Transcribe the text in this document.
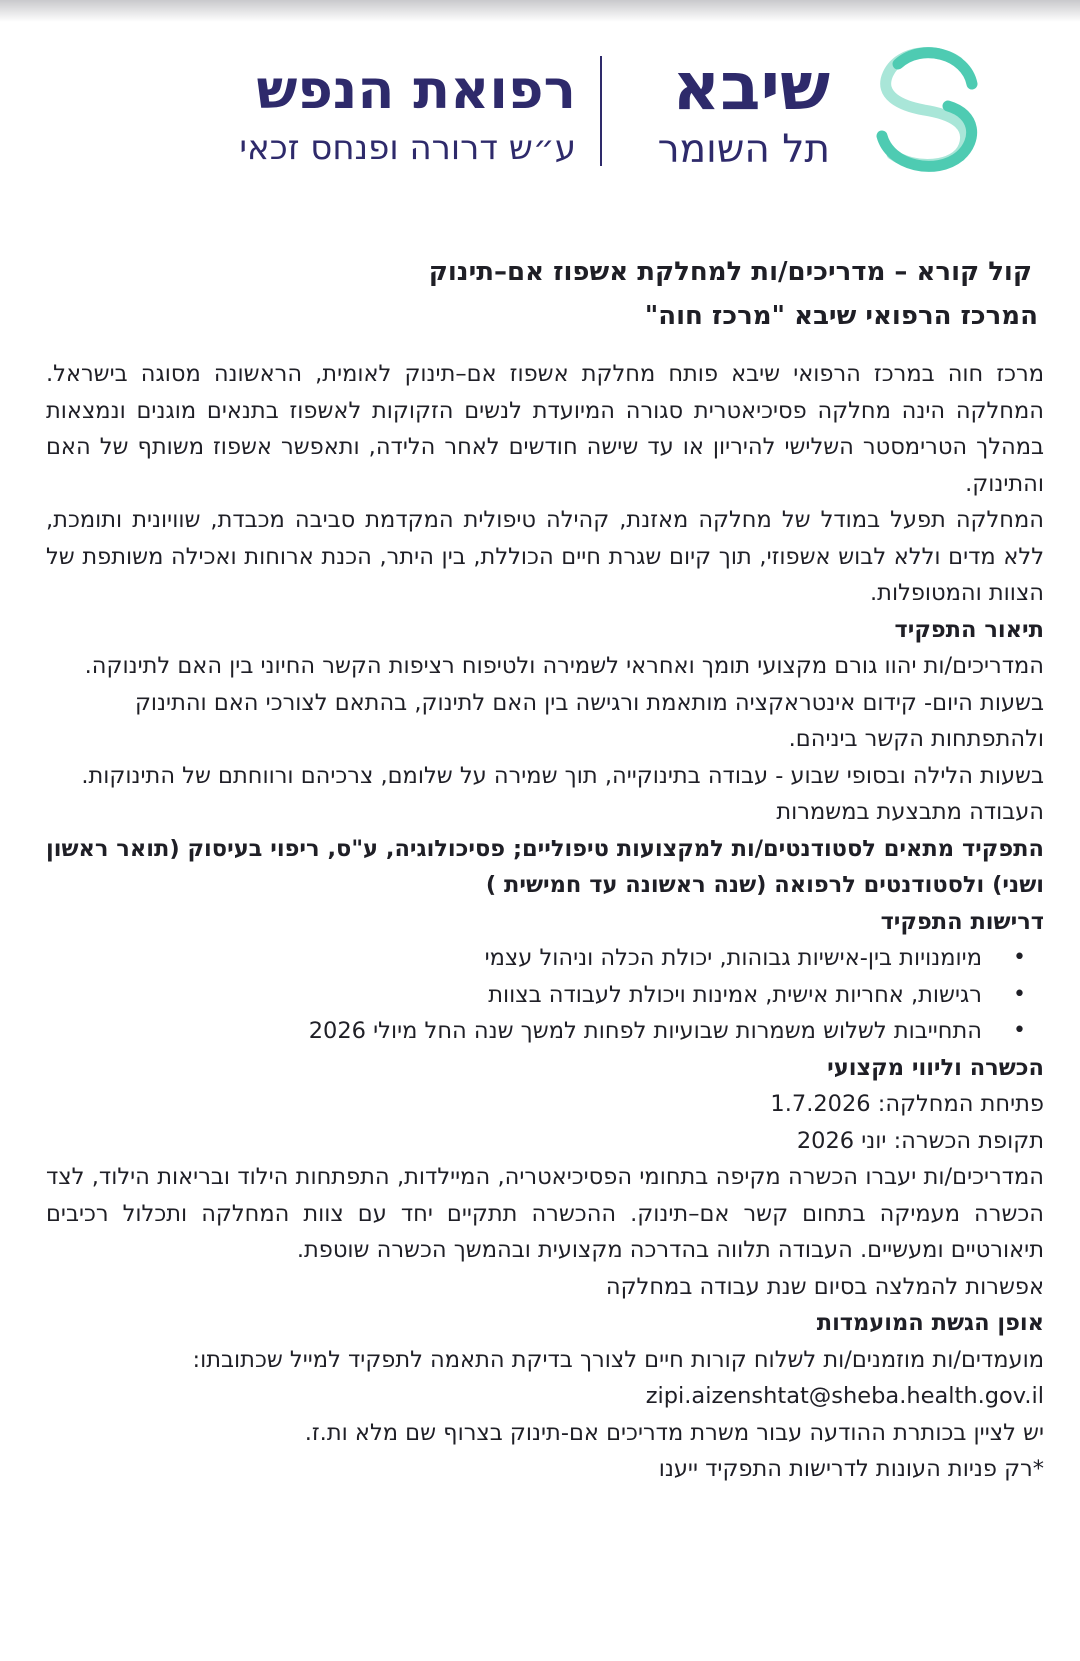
שיבא
תל השומר
רפואת הנפש
ע״ש דרורה ופנחס זכאי

קול קורא – מדריכים/ות למחלקת אשפוז אם–תינוק

המרכז הרפואי שיבא "מרכז חוה"

מרכז חוה במרכז הרפואי שיבא פותח מחלקת אשפוז אם–תינוק לאומית, הראשונה מסוגה בישראל. המחלקה הינה מחלקה פסיכיאטרית סגורה המיועדת לנשים הזקוקות לאשפוז בתנאים מוגנים ונמצאות במהלך הטרימסטר השלישי להיריון או עד שישה חודשים לאחר הלידה, ותאפשר אשפוז משותף של האם והתינוק.

המחלקה תפעל במודל של מחלקה מאזנת, קהילה טיפולית המקדמת סביבה מכבדת, שוויונית ותומכת, ללא מדים וללא לבוש אשפוזי, תוך קיום שגרת חיים הכוללת, בין היתר, הכנת ארוחות ואכילה משותפת של הצוות והמטופלות.

תיאור התפקיד

המדריכים/ות יהוו גורם מקצועי תומך ואחראי לשמירה ולטיפוח רציפות הקשר החיוני בין האם לתינוקה.

בשעות היום- קידום אינטראקציה מותאמת ורגישה בין האם לתינוק, בהתאם לצורכי האם והתינוק ולהתפתחות הקשר ביניהם.

בשעות הלילה ובסופי שבוע - עבודה בתינוקייה, תוך שמירה על שלומם, צרכיהם ורווחתם של התינוקות.

העבודה מתבצעת במשמרות

התפקיד מתאים לסטודנטים/ות למקצועות טיפוליים; פסיכולוגיה, ע"ס, ריפוי בעיסוק (תואר ראשון ושני) ולסטודנטים לרפואה (שנה ראשונה עד חמישית )

דרישות התפקיד

• מיומנויות בין-אישיות גבוהות, יכולת הכלה וניהול עצמי
• רגישות, אחריות אישית, אמינות ויכולת לעבודה בצוות
• התחייבות לשלוש משמרות שבועיות לפחות למשך שנה החל מיולי 2026

הכשרה וליווי מקצועי

פתיחת המחלקה: 1.7.2026

תקופת הכשרה: יוני 2026

המדריכים/ות יעברו הכשרה מקיפה בתחומי הפסיכיאטריה, המיילדות, התפתחות הילוד ובריאות הילוד, לצד הכשרה מעמיקה בתחום קשר אם–תינוק. ההכשרה תתקיים יחד עם צוות המחלקה ותכלול רכיבים תיאורטיים ומעשיים. העבודה תלווה בהדרכה מקצועית ובהמשך הכשרה שוטפת.

אפשרות להמלצה בסיום שנת עבודה במחלקה

אופן הגשת המועמדות

מועמדים/ות מוזמנים/ות לשלוח קורות חיים לצורך בדיקת התאמה לתפקיד למייל שכתובתו:

zipi.aizenshtat@sheba.health.gov.il

יש לציין בכותרת ההודעה עבור משרת מדריכים אם-תינוק בצרוף שם מלא ות.ז.

*רק פניות העונות לדרישות התפקיד ייענו
